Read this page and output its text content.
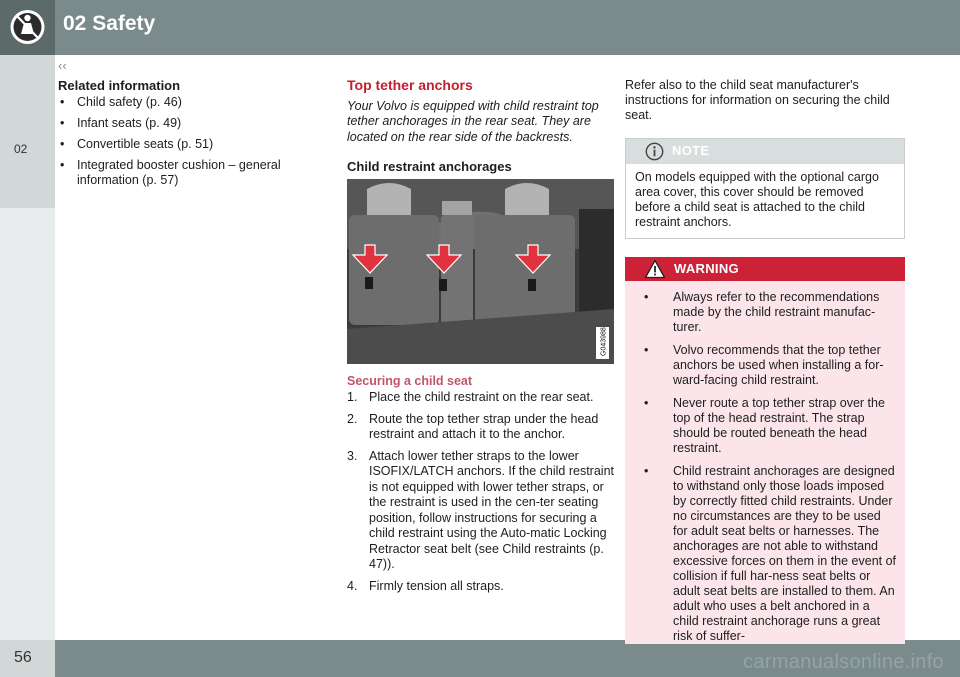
02 Safety
‹‹
02
56	carmanualsonline.info
Related information
• Child safety (p. 46)
• Infant seats (p. 49)
• Convertible seats (p. 51)
• Integrated booster cushion – general information (p. 57)
Top tether anchors

Your Volvo is equipped with child restraint top tether anchorages in the rear seat. They are located on the rear side of the backrests.

Child restraint anchorages
G043988
Securing a child seat
1. Place the child restraint on the rear seat.
2. Route the top tether strap under the head restraint and attach it to the anchor.
3. Attach lower tether straps to the lower ISOFIX/LATCH anchors. If the child restraint is not equipped with lower tether straps, or the restraint is used in the cen-ter seating position, follow instructions for securing a child restraint using the Auto-matic Locking Retractor seat belt (see Child restraints (p. 47)).
4. Firmly tension all straps.
Refer also to the child seat manufacturer's instructions for information on securing the child seat.
NOTE
On models equipped with the optional cargo area cover, this cover should be removed before a child seat is attached to the child restraint anchors.
WARNING
• Always refer to the recommendations made by the child restraint manufac-turer.
• Volvo recommends that the top tether anchors be used when installing a for-ward-facing child restraint.
• Never route a top tether strap over the top of the head restraint. The strap should be routed beneath the head restraint.
• Child restraint anchorages are designed to withstand only those loads imposed by correctly fitted child restraints. Under no circumstances are they to be used for adult seat belts or harnesses. The anchorages are not able to withstand excessive forces on them in the event of collision if full har-ness seat belts or adult seat belts are installed to them. An adult who uses a belt anchored in a child restraint anchorage runs a great risk of suffer-
